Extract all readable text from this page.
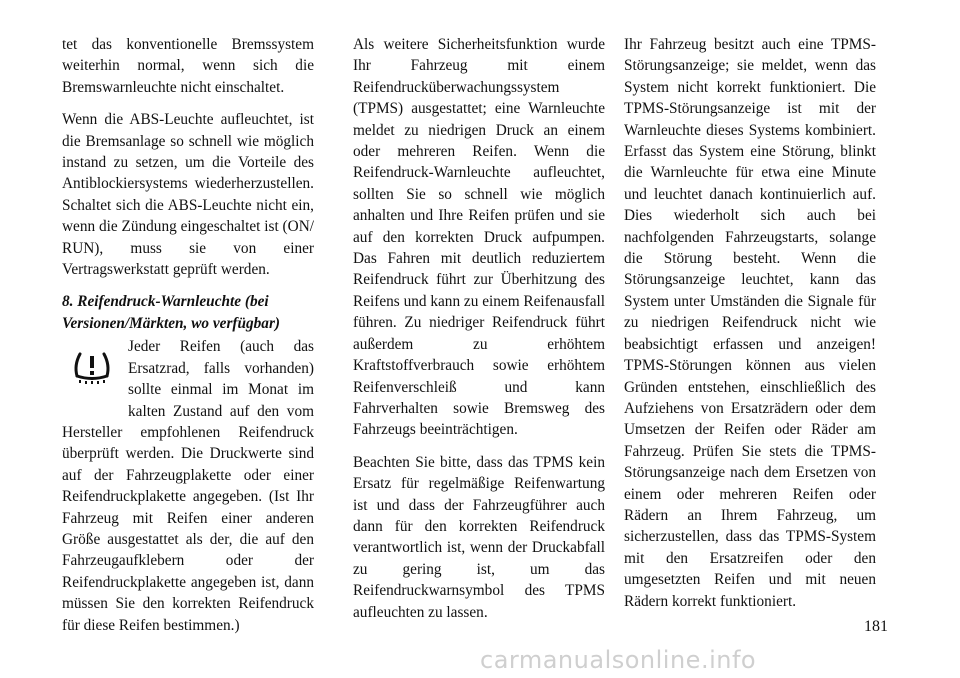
tet das konventionelle Bremssystem weiterhin normal, wenn sich die Bremswarnleuchte nicht einschaltet.

Wenn die ABS-Leuchte aufleuchtet, ist die Bremsanlage so schnell wie möglich instand zu setzen, um die Vorteile des Antiblockiersystems wiederherzustellen. Schaltet sich die ABS-Leuchte nicht ein, wenn die Zündung eingeschaltet ist (ON/ RUN), muss sie von einer Vertragswerkstatt geprüft werden.

8. Reifendruck-Warnleuchte (bei Versionen/Märkten, wo verfügbar)

Jeder Reifen (auch das Ersatzrad, falls vorhanden) sollte einmal im Monat im kalten Zustand auf den vom Hersteller empfohlenen Reifendruck überprüft werden. Die Druckwerte sind auf der Fahrzeugplakette oder einer Reifendruckplakette angegeben. (Ist Ihr Fahrzeug mit Reifen einer anderen Größe ausgestattet als der, die auf den Fahrzeugaufklebern oder der Reifendruckplakette angegeben ist, dann müssen Sie den korrekten Reifendruck für diese Reifen bestimmen.)

Als weitere Sicherheitsfunktion wurde Ihr Fahrzeug mit einem Reifendrucküberwachungssystem (TPMS) ausgestattet; eine Warnleuchte meldet zu niedrigen Druck an einem oder mehreren Reifen. Wenn die Reifendruck-Warnleuchte aufleuchtet, sollten Sie so schnell wie möglich anhalten und Ihre Reifen prüfen und sie auf den korrekten Druck aufpumpen. Das Fahren mit deutlich reduziertem Reifendruck führt zur Überhitzung des Reifens und kann zu einem Reifenausfall führen. Zu niedriger Reifendruck führt außerdem zu erhöhtem Kraftstoffverbrauch sowie erhöhtem Reifenverschleiß und kann Fahrverhalten sowie Bremsweg des Fahrzeugs beeinträchtigen.

Beachten Sie bitte, dass das TPMS kein Ersatz für regelmäßige Reifenwartung ist und dass der Fahrzeugführer auch dann für den korrekten Reifendruck verantwortlich ist, wenn der Druckabfall zu gering ist, um das Reifendruckwarnsymbol des TPMS aufleuchten zu lassen.

Ihr Fahrzeug besitzt auch eine TPMS-Störungsanzeige; sie meldet, wenn das System nicht korrekt funktioniert. Die TPMS-Störungsanzeige ist mit der Warnleuchte dieses Systems kombiniert. Erfasst das System eine Störung, blinkt die Warnleuchte für etwa eine Minute und leuchtet danach kontinuierlich auf. Dies wiederholt sich auch bei nachfolgenden Fahrzeugstarts, solange die Störung besteht. Wenn die Störungsanzeige leuchtet, kann das System unter Umständen die Signale für zu niedrigen Reifendruck nicht wie beabsichtigt erfassen und anzeigen! TPMS-Störungen können aus vielen Gründen entstehen, einschließlich des Aufziehens von Ersatzrädern oder dem Umsetzen der Reifen oder Räder am Fahrzeug. Prüfen Sie stets die TPMS-Störungsanzeige nach dem Ersetzen von einem oder mehreren Reifen oder Rädern an Ihrem Fahrzeug, um sicherzustellen, dass das TPMS-System mit den Ersatzreifen oder den umgesetzten Reifen und mit neuen Rädern korrekt funktioniert.

181
carmanualsonline.info
